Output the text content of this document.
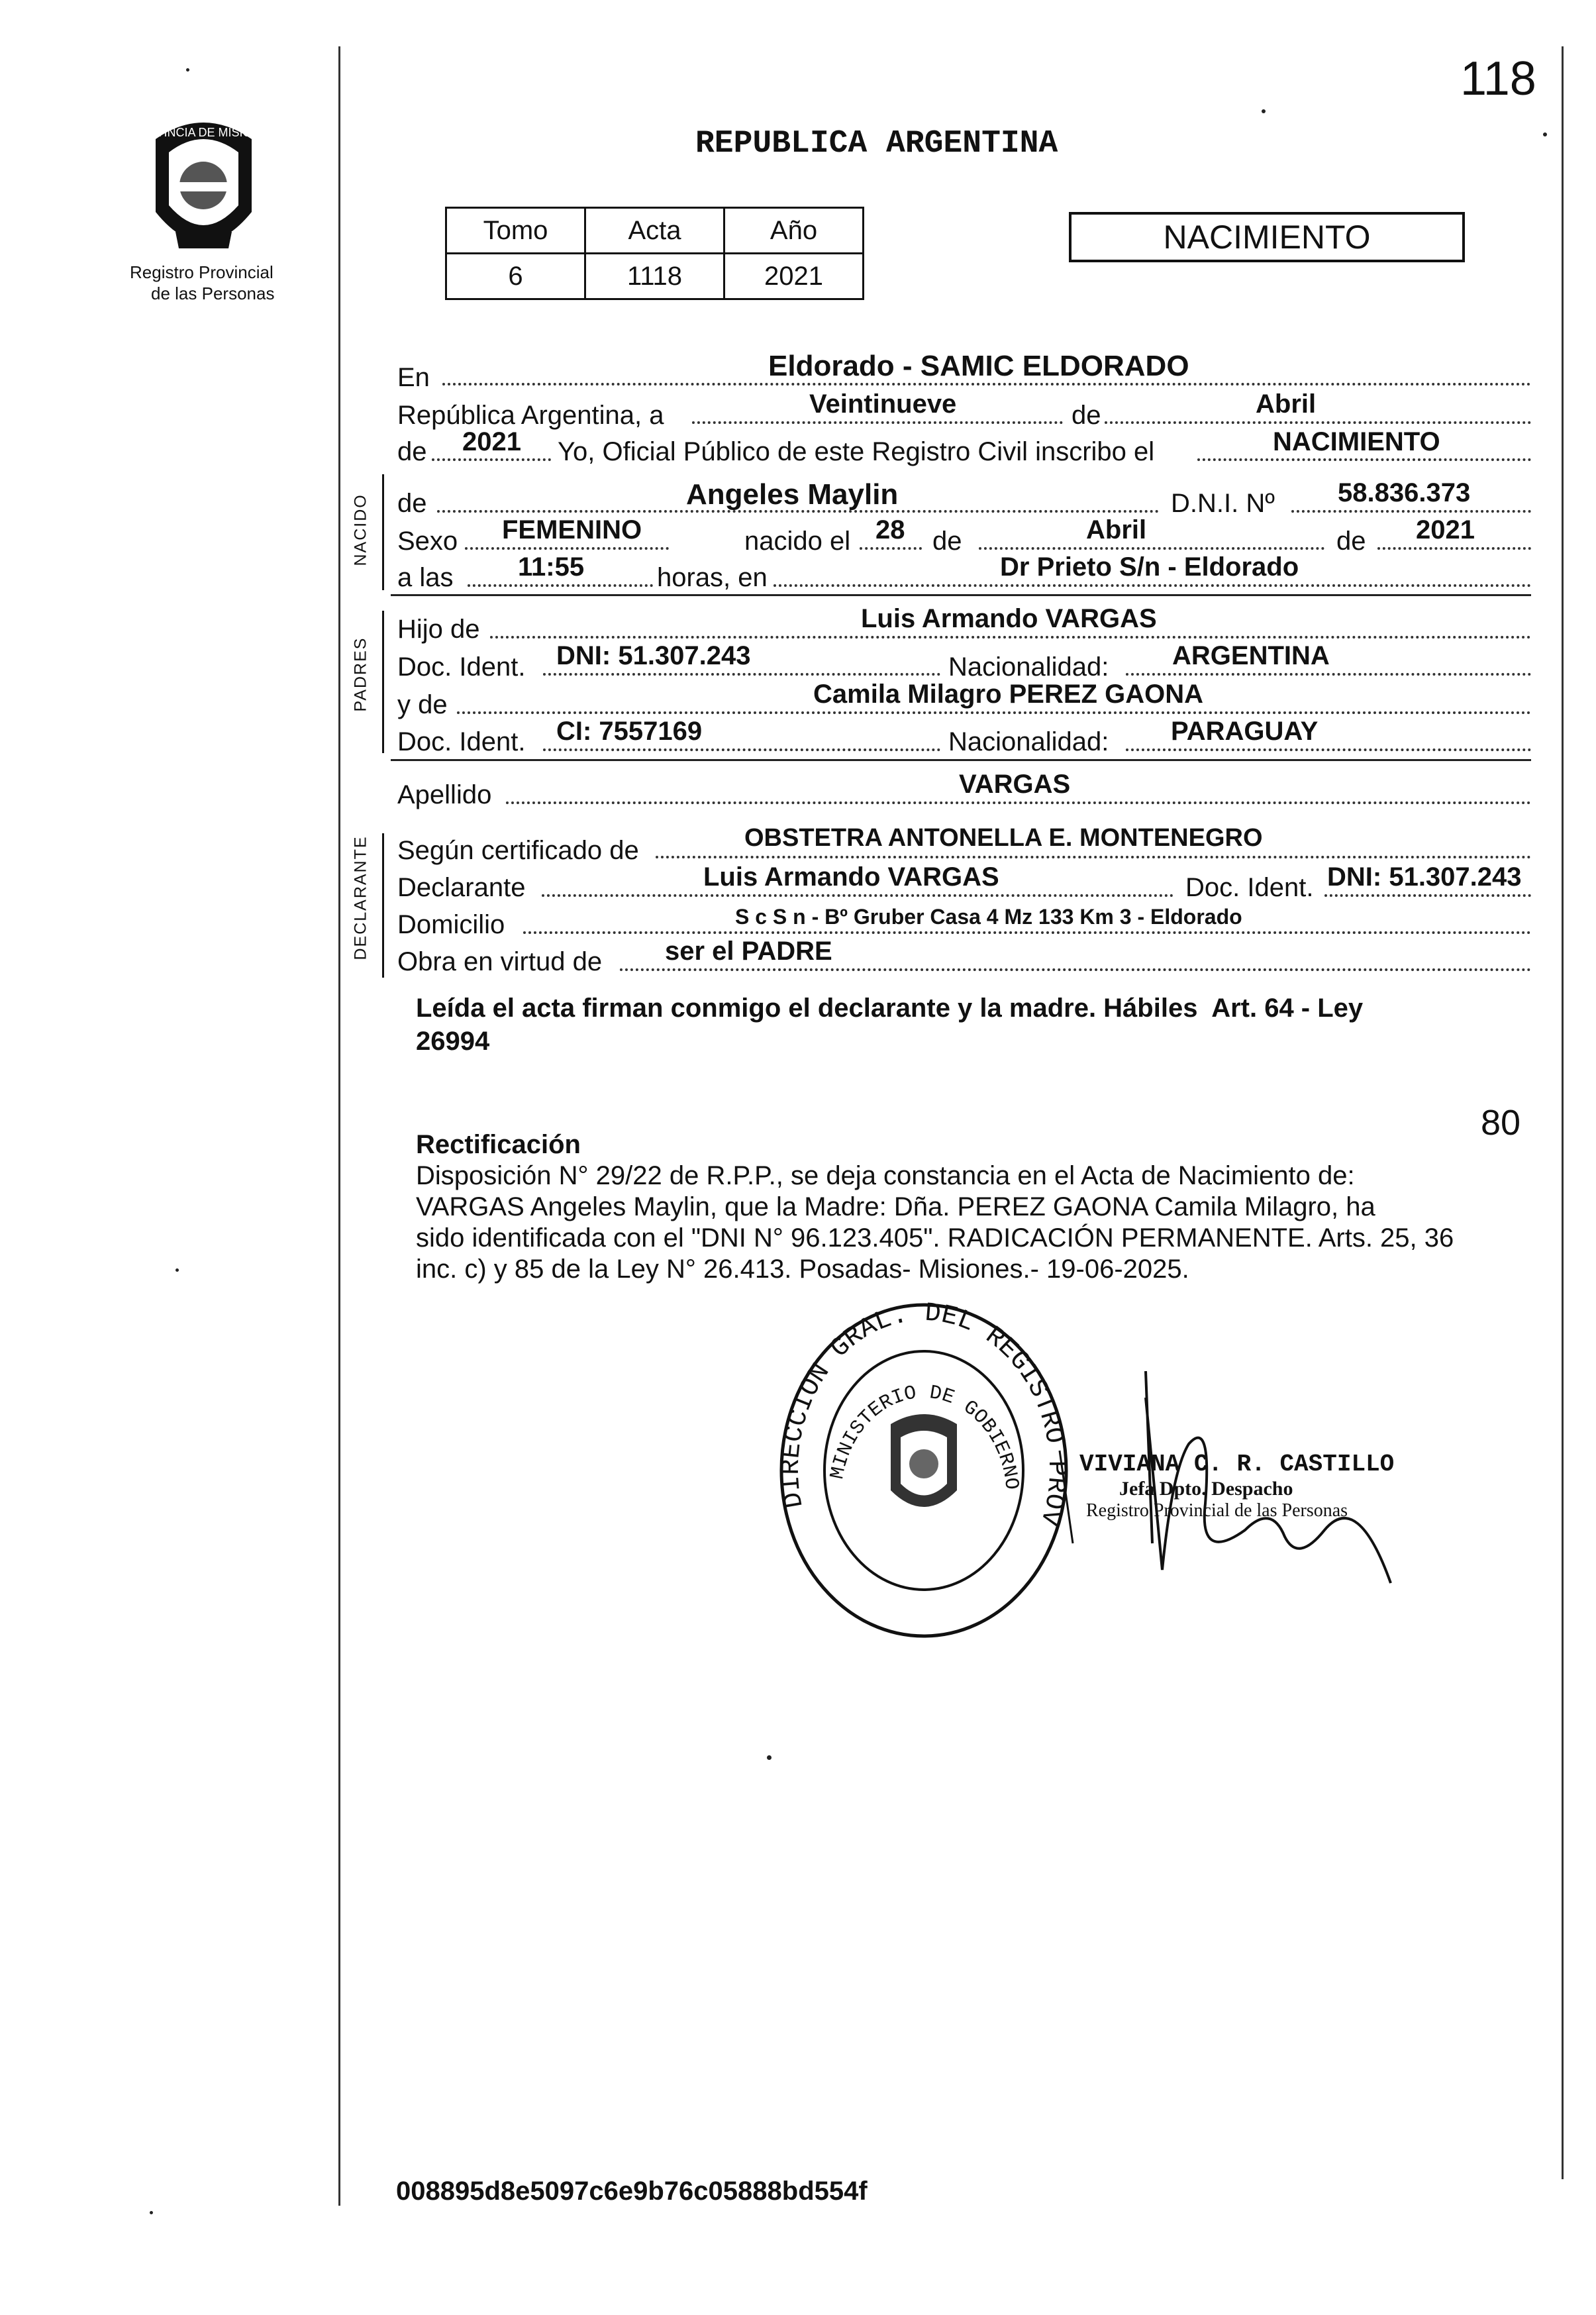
118
PROVINCIA DE MISIONES
Registro Provincial
de las Personas
REPUBLICA ARGENTINA
Tomo	Acta	Año
6	1118	2021
NACIMIENTO
En	Eldorado - SAMIC ELDORADO
República Argentina, a	Veintinueve	de	Abril
de 2021 Yo, Oficial Público de este Registro Civil inscribo el	NACIMIENTO
NACIDO de	Angeles Maylin	D.N.I. Nº 58.836.373
Sexo FEMENINO	nacido el 28 de	Abril	de 2021
a las 11:55	horas, en	Dr Prieto S/n - Eldorado
PADRES
Hijo de	Luis Armando VARGAS
Doc. Ident. DNI: 51.307.243	Nacionalidad: ARGENTINA
y de	Camila Milagro PEREZ GAONA
Doc. Ident. CI: 7557169	Nacionalidad: PARAGUAY
Apellido	VARGAS
DECLARANTE Según certificado de	OBSTETRA ANTONELLA E. MONTENEGRO
Declarante	Luis Armando VARGAS	Doc. Ident. DNI: 51.307.243
Domicilio	S c S n - Bº Gruber Casa 4 Mz 133 Km 3 - Eldorado
Obra en virtud de ser el PADRE
Leída el acta firman conmigo el declarante y la madre. Hábiles  Art. 64 - Ley
26994
80
Rectificación
Disposición N° 29/22 de R.P.P., se deja constancia en el Acta de Nacimiento de:
VARGAS Angeles Maylin, que la Madre: Dña. PEREZ GAONA Camila Milagro, ha
sido identificada con el "DNI N° 96.123.405". RADICACIÓN PERMANENTE. Arts. 25, 36
inc. c) y 85 de la Ley N° 26.413. Posadas- Misiones.- 19-06-2025.
DIRECCION GRAL. DEL REGISTRO PROV
MINISTERIO DE GOBIERNO
VIVIANA C. R. CASTILLO
Jefa Dpto. Despacho
Registro Provincial de las Personas
008895d8e5097c6e9b76c05888bd554f
